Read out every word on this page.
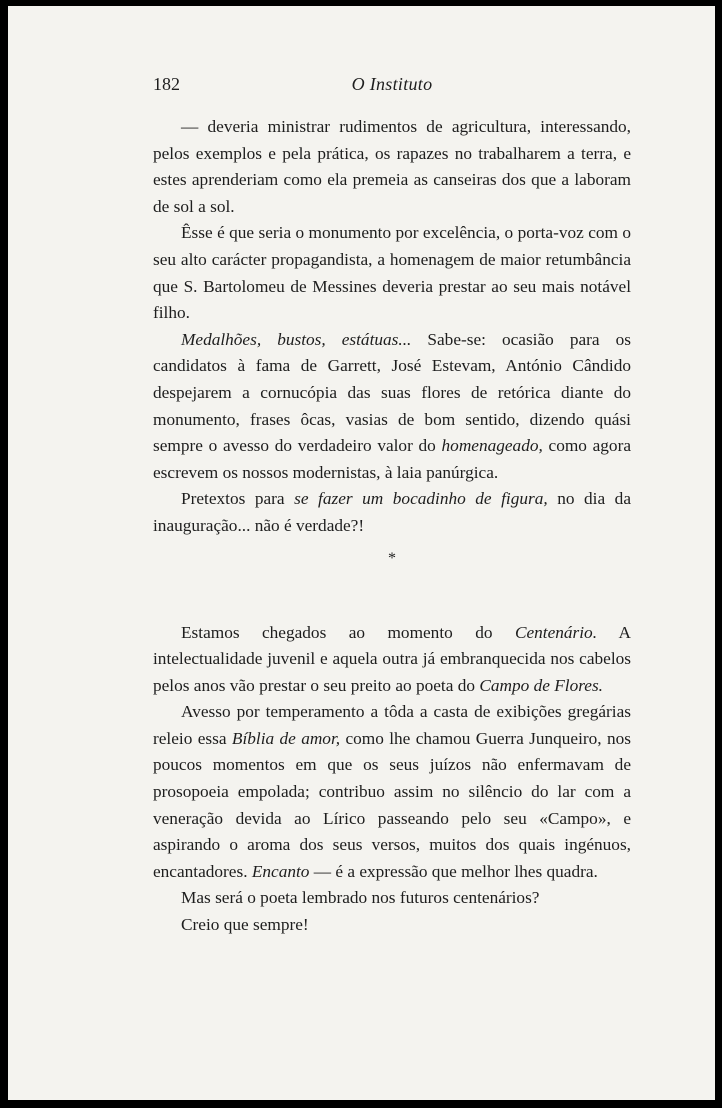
182	O Instituto

— deveria ministrar rudimentos de agricultura, interessando, pelos exemplos e pela prática, os rapazes no trabalharem a terra, e estes aprenderiam como ela premeia as canseiras dos que a laboram de sol a sol.

Êsse é que seria o monumento por excelência, o porta-voz com o seu alto carácter propagandista, a homenagem de maior retumbância que S. Bartolomeu de Messines deveria prestar ao seu mais notável filho.

Medalhões, bustos, estátuas... Sabe-se: ocasião para os candidatos à fama de Garrett, José Estevam, António Cândido despejarem a cornucópia das suas flores de retórica diante do monumento, frases ôcas, vasias de bom sentido, dizendo quási sempre o avesso do verdadeiro valor do homenageado, como agora escrevem os nossos modernistas, à laia panúrgica.

Pretextos para se fazer um bocadinho de figura, no dia da inauguração... não é verdade?!

*

Estamos chegados ao momento do Centenário. A intelectualidade juvenil e aquela outra já embranquecida nos cabelos pelos anos vão prestar o seu preito ao poeta do Campo de Flores.

Avesso por temperamento a tôda a casta de exibições gregárias releio essa Bíblia de amor, como lhe chamou Guerra Junqueiro, nos poucos momentos em que os seus juízos não enfermavam de prosopoeia empolada; contribuo assim no silêncio do lar com a veneração devida ao Lírico passeando pelo seu «Campo», e aspirando o aroma dos seus versos, muitos dos quais ingénuos, encantadores. Encanto — é a expressão que melhor lhes quadra.

Mas será o poeta lembrado nos futuros centenários?

Creio que sempre!
